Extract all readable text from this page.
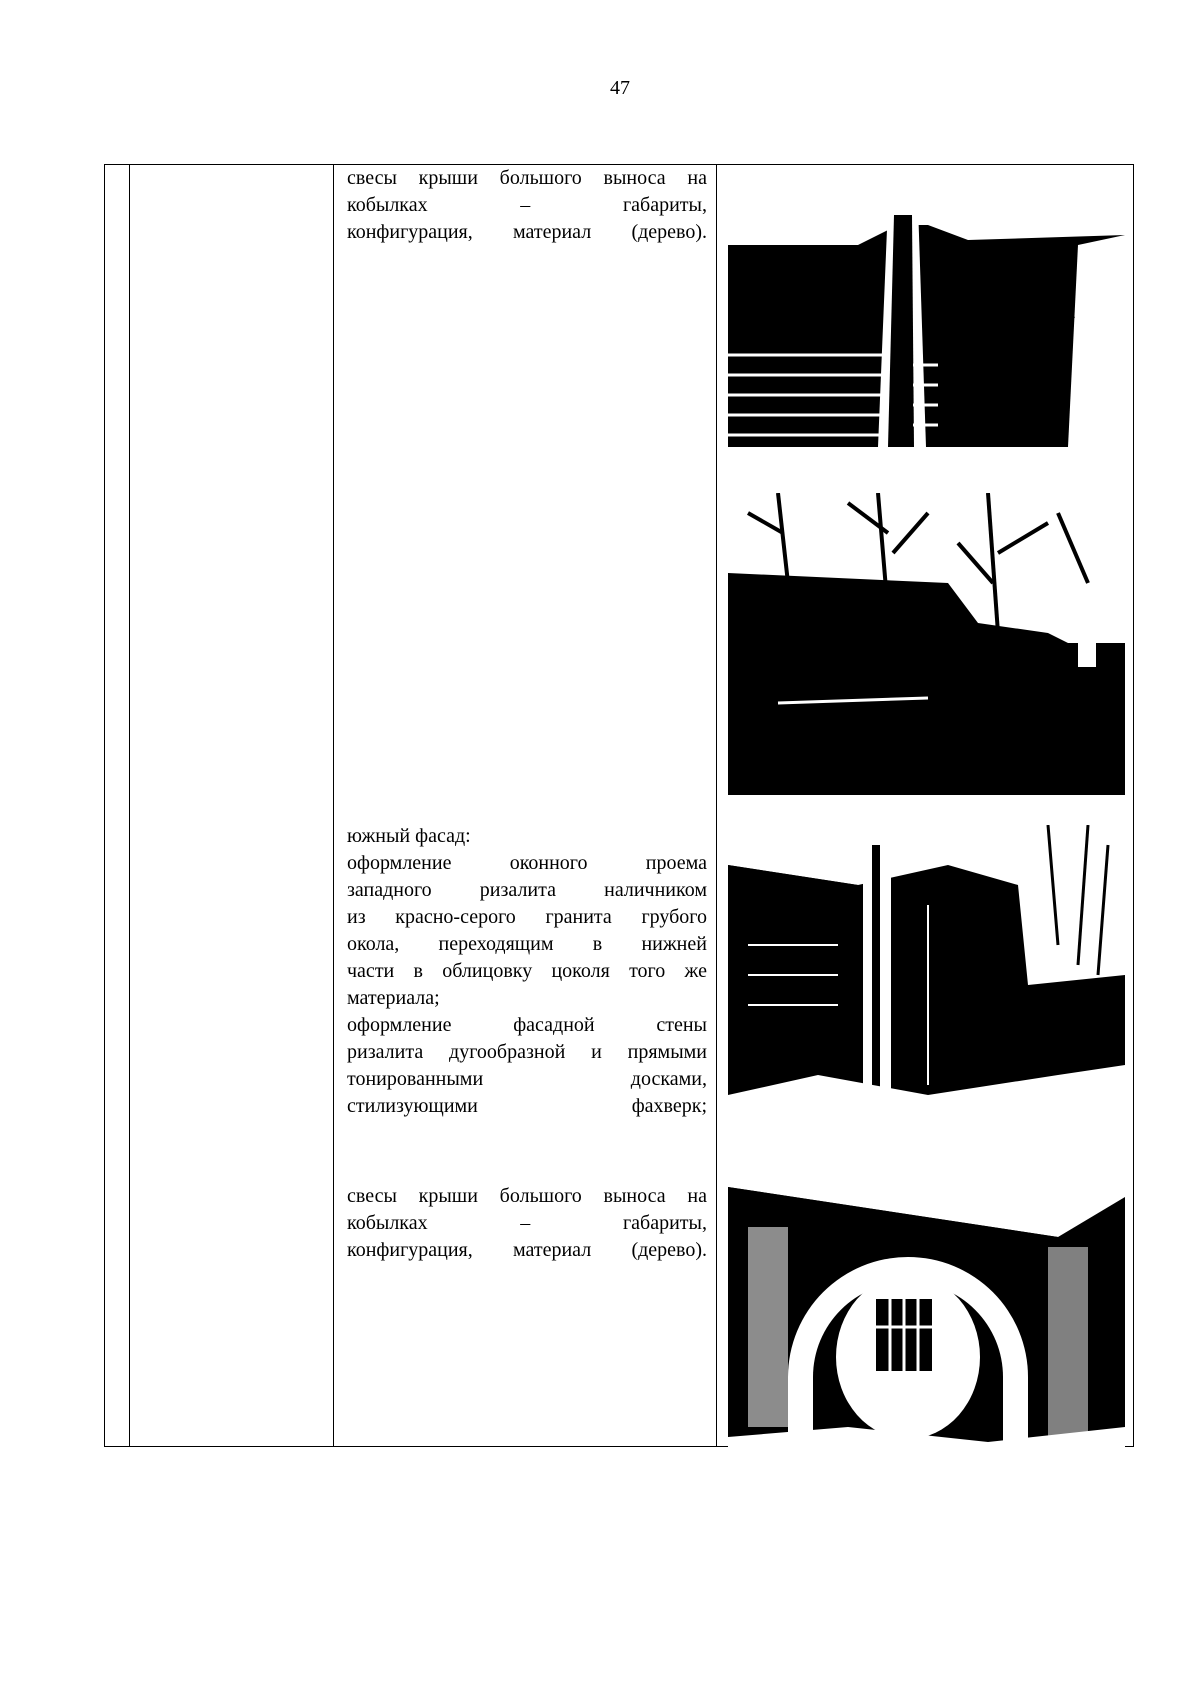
47
свесы крыши большого выноса на
кобылках	–	габариты,
конфигурация, материал (дерево).
южный фасад:
оформление	оконного	проема
западного ризалита наличником
из красно-серого гранита грубого
окола, переходящим в нижней
части в облицовку цоколя того же
материала;
оформление	фасадной	стены
ризалита дугообразной и прямыми
тонированными	досками,
стилизующими	фахверк;
свесы крыши большого выноса на
кобылках	–	габариты,
конфигурация, материал (дерево).
